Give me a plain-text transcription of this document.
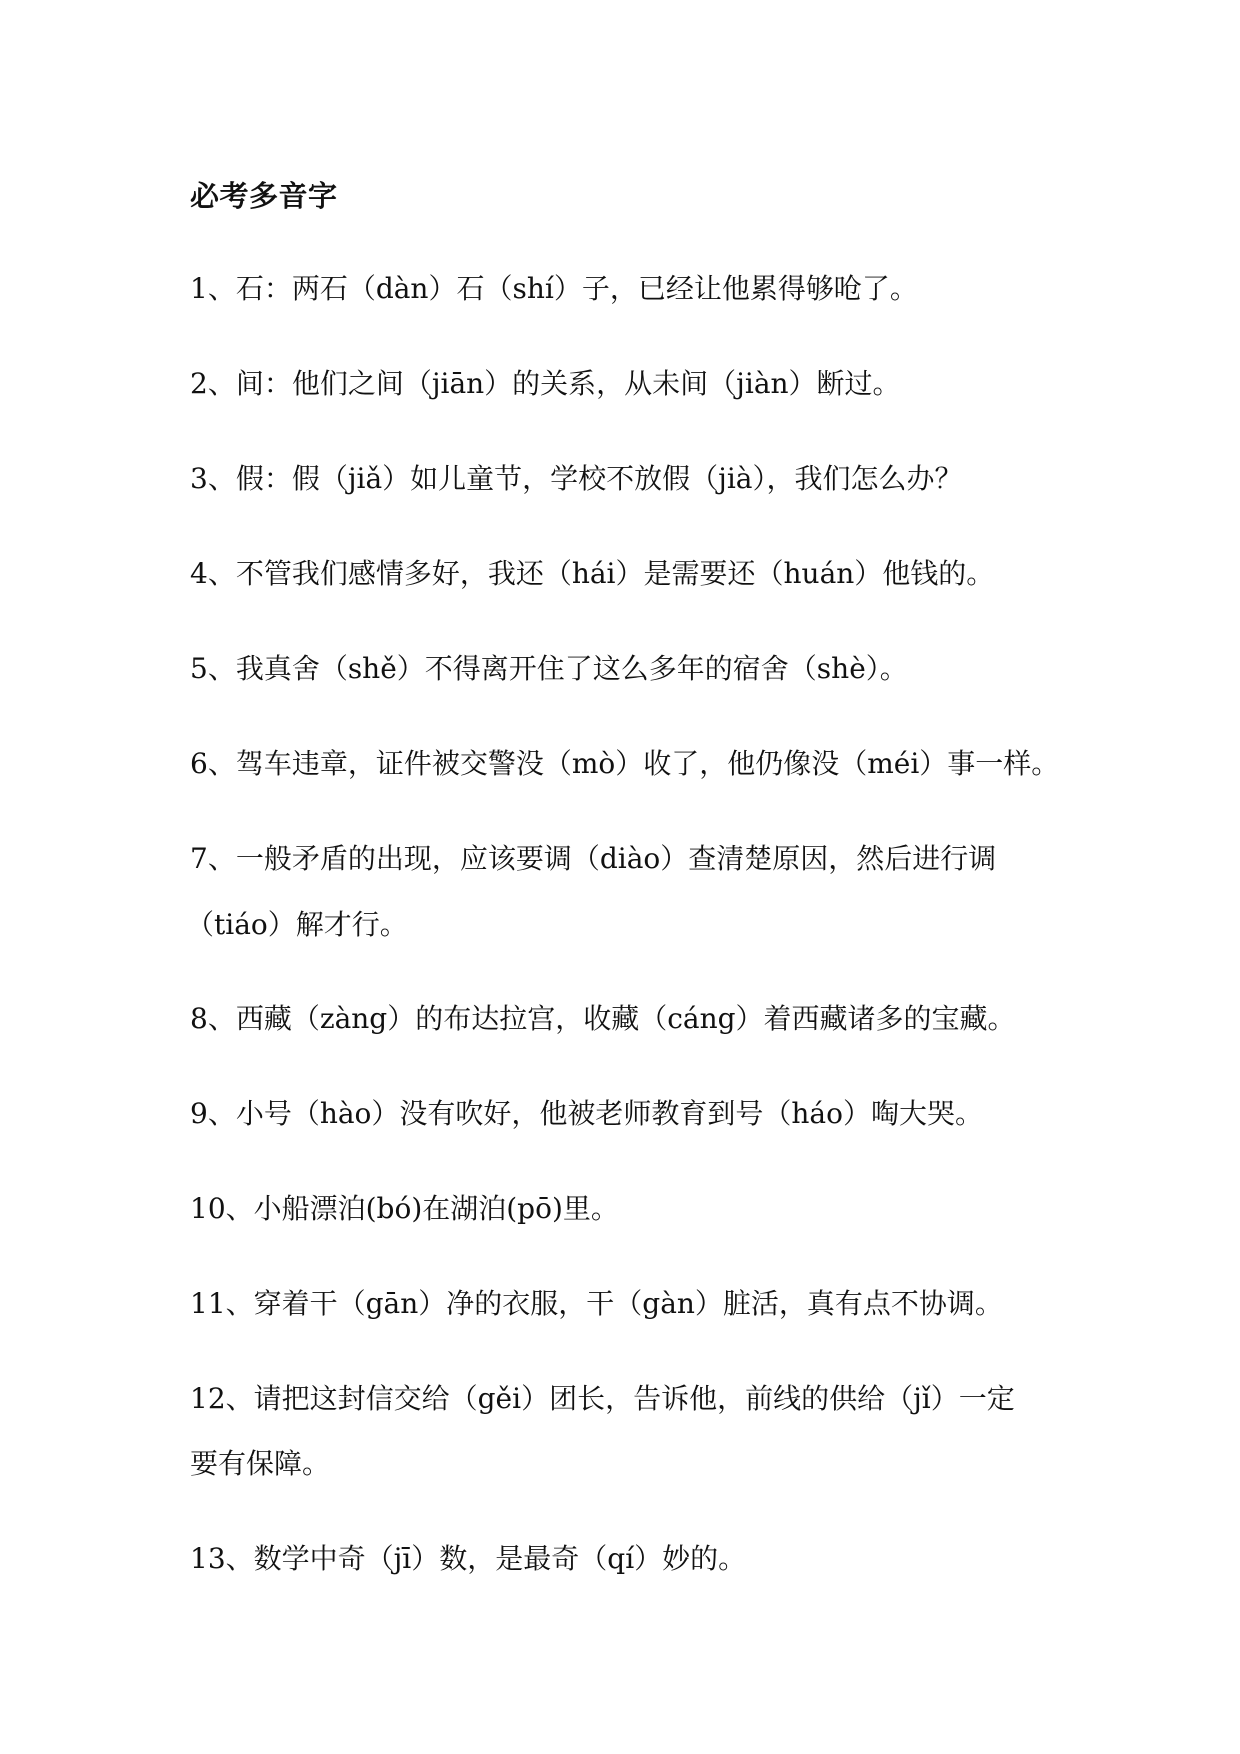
必考多音字
1、石：两石（dàn）石（shí）子，已经让他累得够呛了。
2、间：他们之间（jiān）的关系，从未间（jiàn）断过。
3、假：假（jiǎ）如儿童节，学校不放假（jià），我们怎么办？
4、不管我们感情多好，我还（hái）是需要还（huán）他钱的。
5、我真舍（shě）不得离开住了这么多年的宿舍（shè）。
6、驾车违章，证件被交警没（mò）收了，他仍像没（méi）事一样。
7、一般矛盾的出现，应该要调（diào）查清楚原因，然后进行调
（tiáo）解才行。
8、西藏（zàng）的布达拉宫，收藏（cáng）着西藏诸多的宝藏。
9、小号（hào）没有吹好，他被老师教育到号（háo）啕大哭。
10、小船漂泊(bó)在湖泊(pō)里。
11、穿着干（gān）净的衣服，干（gàn）脏活，真有点不协调。
12、请把这封信交给（gěi）团长，告诉他，前线的供给（jǐ）一定
要有保障。
13、数学中奇（jī）数，是最奇（qí）妙的。
